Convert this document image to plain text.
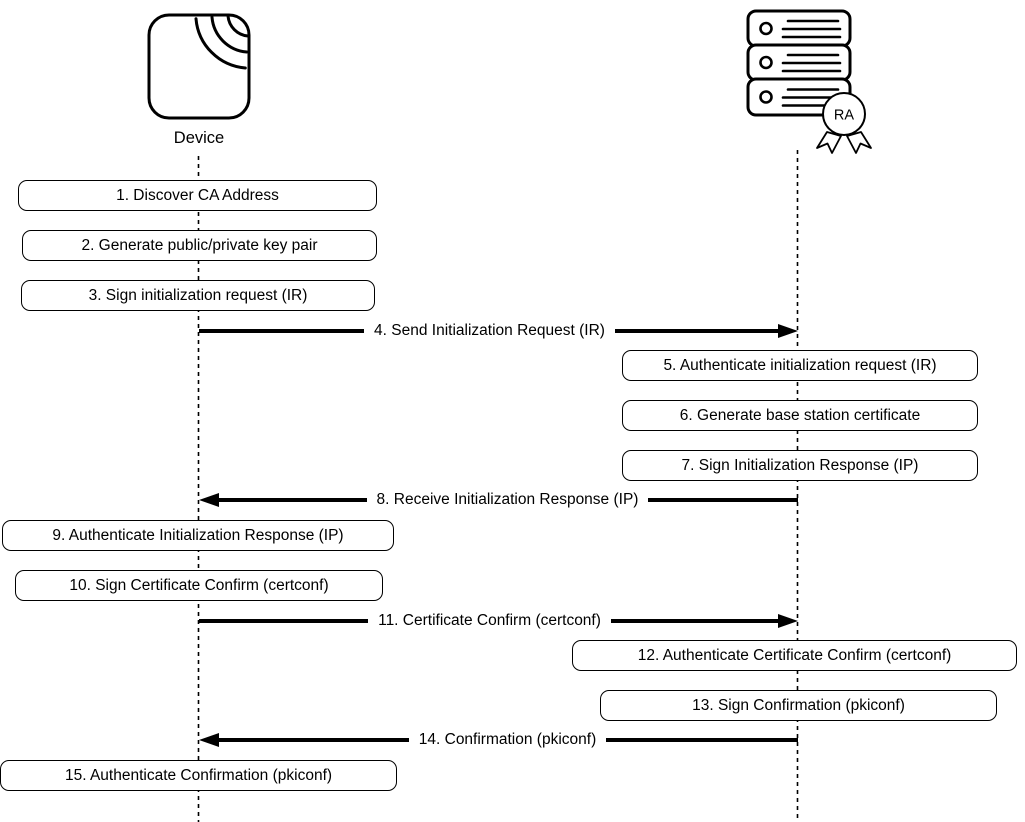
RA
Device
1. Discover CA Address
2. Generate public/private key pair
3. Sign initialization request (IR)
4. Send Initialization Request (IR)
5. Authenticate initialization request (IR)
6. Generate base station certificate
7. Sign Initialization Response (IP)
8. Receive Initialization Response (IP)
9. Authenticate Initialization Response (IP)
10. Sign Certificate Confirm (certconf)
11. Certificate Confirm (certconf)
12. Authenticate Certificate Confirm (certconf)
13. Sign Confirmation (pkiconf)
14. Confirmation (pkiconf)
15. Authenticate Confirmation (pkiconf)
